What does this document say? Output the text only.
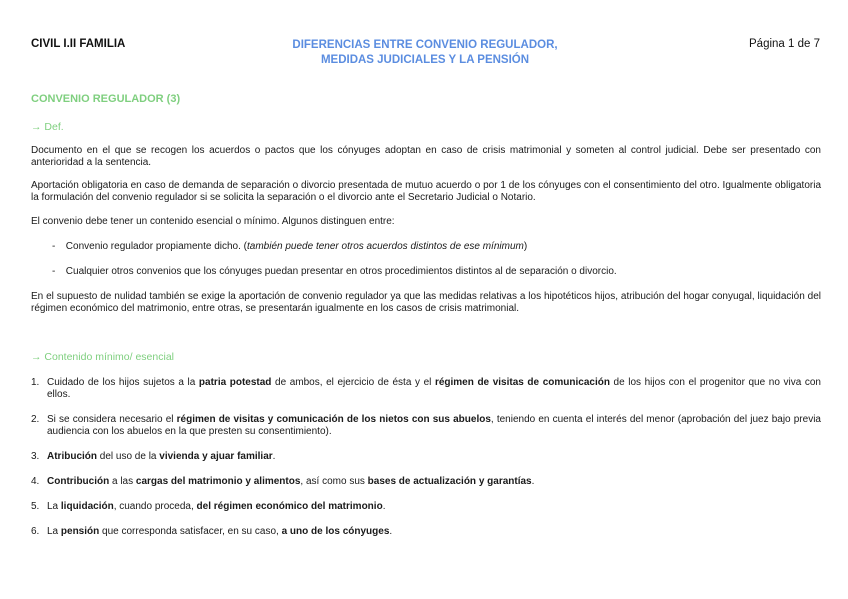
CIVIL I.II FAMILIA	DIFERENCIAS ENTRE CONVENIO REGULADOR,
MEDIDAS JUDICIALES Y LA PENSIÓN
Página 1 de 7
CONVENIO REGULADOR (3)
→ Def.
Documento en el que se recogen los acuerdos o pactos que los cónyuges adoptan en caso de crisis matrimonial y someten al control judicial. Debe ser presentado con anterioridad a la sentencia.
Aportación obligatoria en caso de demanda de separación o divorcio presentada de mutuo acuerdo o por 1 de los cónyuges con el consentimiento del otro. Igualmente obligatoria la formulación del convenio regulador si se solicita la separación o el divorcio ante el Secretario Judicial o Notario.
El convenio debe tener un contenido esencial o mínimo. Algunos distinguen entre:
- Convenio regulador propiamente dicho. (también puede tener otros acuerdos distintos de ese mínimum)
- Cualquier otros convenios que los cónyuges puedan presentar en otros procedimientos distintos al de separación o divorcio.
En el supuesto de nulidad también se exige la aportación de convenio regulador ya que las medidas relativas a los hipotéticos hijos, atribución del hogar conyugal, liquidación del régimen económico del matrimonio, entre otras, se presentarán igualmente en los casos de crisis matrimonial.
→ Contenido mínimo/ esencial
1. Cuidado de los hijos sujetos a la patria potestad de ambos, el ejercicio de ésta y el régimen de visitas de comunicación de los hijos con el progenitor que no viva con ellos.
2. Si se considera necesario el régimen de visitas y comunicación de los nietos con sus abuelos, teniendo en cuenta el interés del menor (aprobación del juez bajo previa audiencia con los abuelos en la que presten su consentimiento).
3. Atribución del uso de la vivienda y ajuar familiar.
4. Contribución a las cargas del matrimonio y alimentos, así como sus bases de actualización y garantías.
5. La liquidación, cuando proceda, del régimen económico del matrimonio.
6. La pensión que corresponda satisfacer, en su caso, a uno de los cónyuges.
